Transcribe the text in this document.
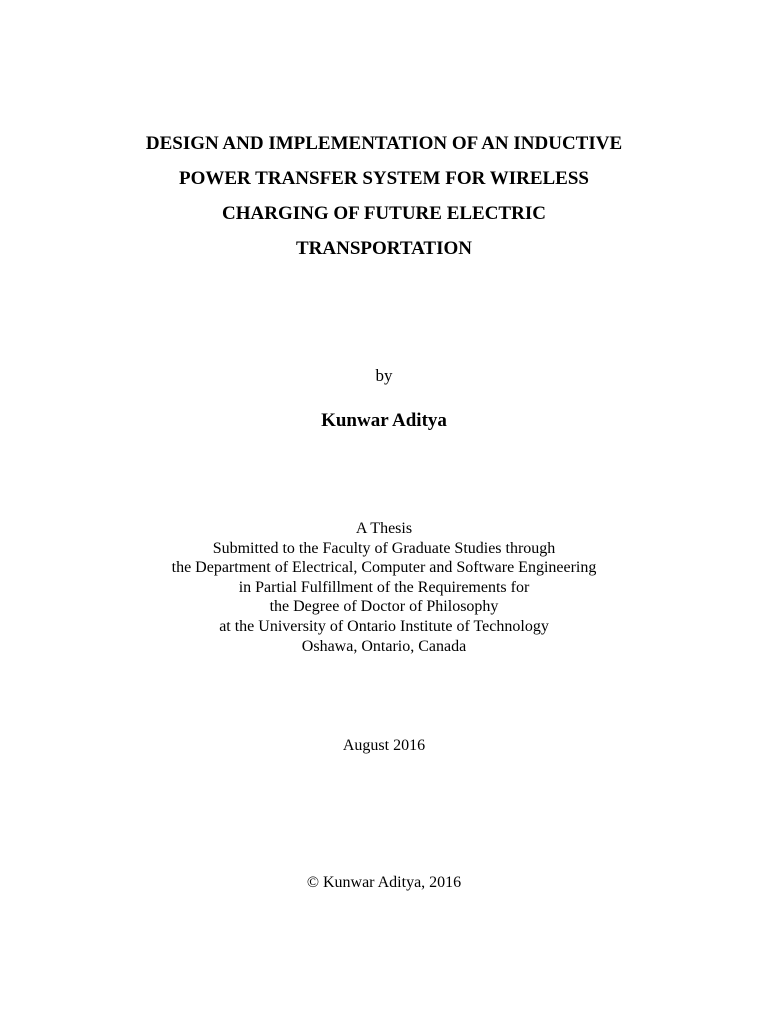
DESIGN AND IMPLEMENTATION OF AN INDUCTIVE
POWER TRANSFER SYSTEM FOR WIRELESS
CHARGING OF FUTURE ELECTRIC
TRANSPORTATION
by
Kunwar Aditya
A Thesis
Submitted to the Faculty of Graduate Studies through
the Department of Electrical, Computer and Software Engineering
in Partial Fulfillment of the Requirements for
the Degree of Doctor of Philosophy
at the University of Ontario Institute of Technology
Oshawa, Ontario, Canada
August 2016
© Kunwar Aditya, 2016
